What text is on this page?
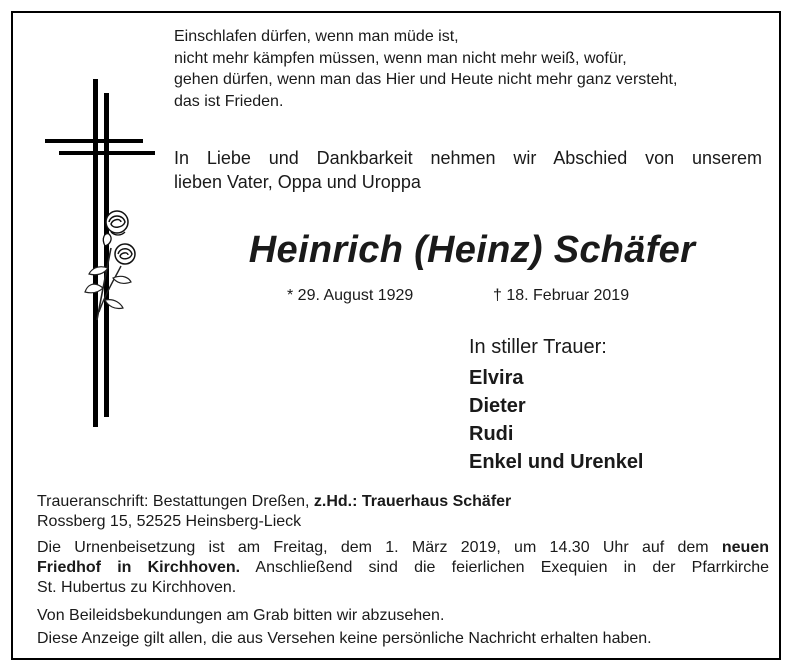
Einschlafen dürfen, wenn man müde ist,
nicht mehr kämpfen müssen, wenn man nicht mehr weiß, wofür,
gehen dürfen, wenn man das Hier und Heute nicht mehr ganz versteht,
das ist Frieden.
In Liebe und Dankbarkeit nehmen wir Abschied von unserem
lieben Vater, Oppa und Uroppa
Heinrich (Heinz) Schäfer
* 29. August 1929	† 18. Februar 2019
In stiller Trauer:
Elvira
Dieter
Rudi
Enkel und Urenkel
Traueranschrift: Bestattungen Dreßen, z.Hd.: Trauerhaus Schäfer
Rossberg 15, 52525 Heinsberg-Lieck
Die Urnenbeisetzung ist am Freitag, dem 1. März 2019, um 14.30 Uhr auf dem neuen
Friedhof in Kirchhoven. Anschließend sind die feierlichen Exequien in der Pfarrkirche
St. Hubertus zu Kirchhoven.
Von Beileidsbekundungen am Grab bitten wir abzusehen.
Diese Anzeige gilt allen, die aus Versehen keine persönliche Nachricht erhalten haben.
